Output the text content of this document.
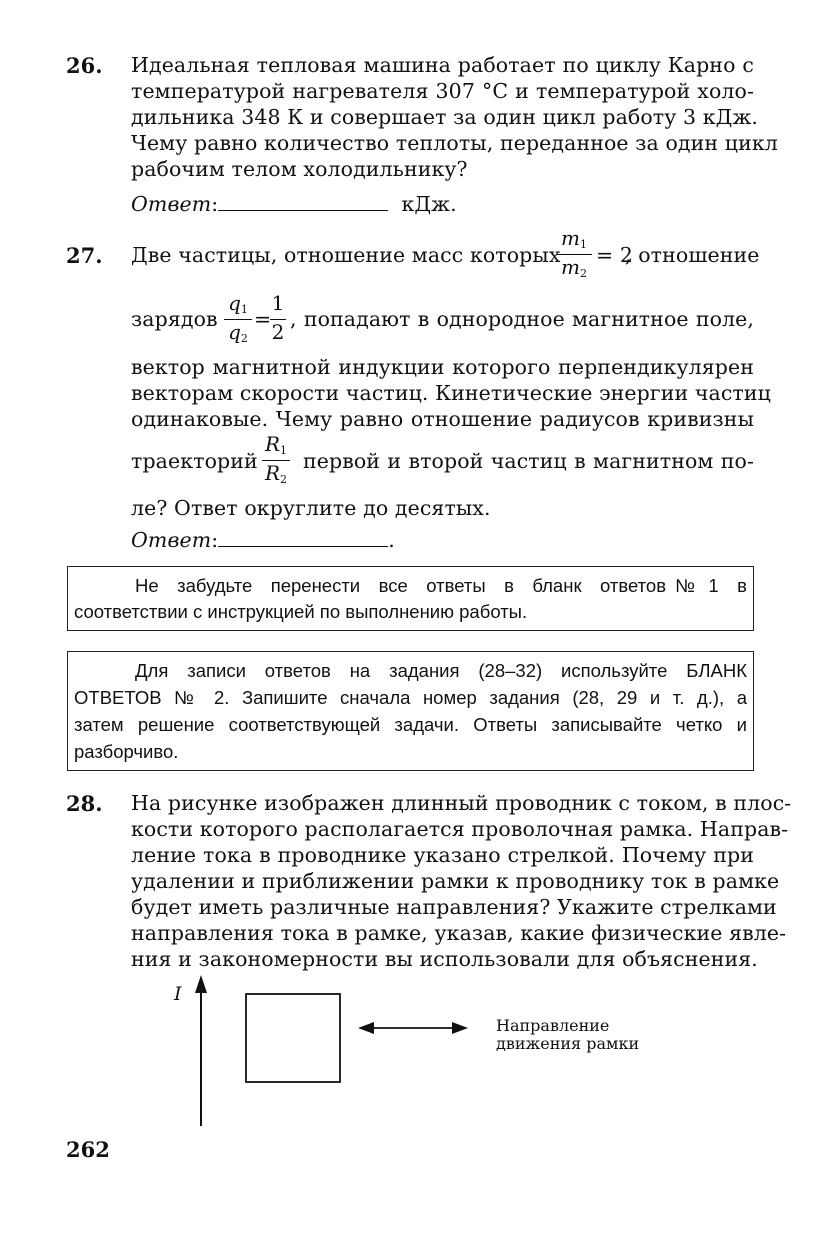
26. Идеальная тепловая машина работает по циклу Карно с
температурой нагревателя 307 °С и температурой холо-
дильника 348 К и совершает за один цикл работу 3 кДж.
Чему равно количество теплоты, переданное за один цикл
рабочим телом холодильнику?
Ответ:	кДж.
27. Две частицы, отношение масс которых
$m_1$
$m_2$
= 2
, отношение
зарядов
$q_1$
$q_2$
=
1
2
, попадают в однородное магнитное поле,
вектор магнитной индукции которого перпендикулярен
векторам скорости частиц. Кинетические энергии частиц
одинаковые. Чему равно отношение радиусов кривизны
траекторий
$R_1$
$R_2$
первой и второй частиц в магнитном по-
ле? Ответ округлите до десятых.
Ответ:	.
Не  забудьте  перенести  все  ответы  в  бланк  ответов № 1  в
соответствии с инструкцией по выполнению работы.
Для записи ответов на задания (28–32) используйте БЛАНК
ОТВЕТОВ № 2. Запишите сначала номер задания (28, 29 и т. д.), а
затем решение соответствующей задачи. Ответы записывайте четко и
разборчиво.
28. На рисунке изображен длинный проводник с током, в плос-
кости которого располагается проволочная рамка. Направ-
ление тока в проводнике указано стрелкой. Почему при
удалении и приближении рамки к проводнику ток в рамке
будет иметь различные направления? Укажите стрелками
направления тока в рамке, указав, какие физические явле-
ния и закономерности вы использовали для объяснения.
I
Направление
движения рамки
262
